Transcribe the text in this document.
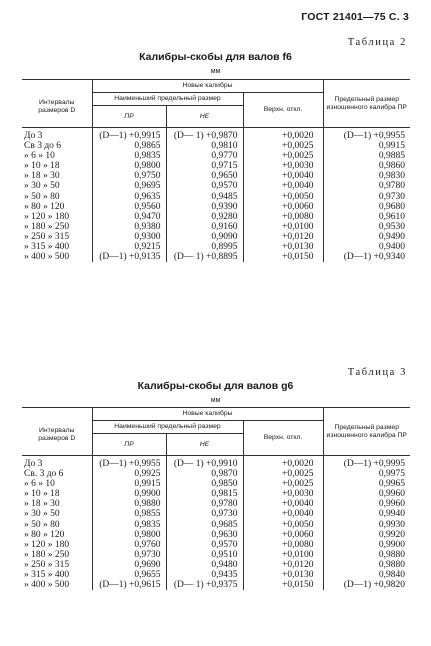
ГОСТ 21401—75 С. 3
Таблица 2
Калибры-скобы для валов f6
мм
Интервалы размеров D	Новые калибры			Предельный размер изношенного калибра ПР
	Наименьший предельный размер		Верхн. откл.	
	ПР	НЕ		
До 3	(D—1) +0,9915	(D— 1) +0,9870	+0,0020	(D—1) +0,9955
Св 3 до 6	0,9865	0,9810	+0,0025	0,9915
» 6 » 10	0,9835	0,9770	+0,0025	0,9885
» 10 » 18	0,9800	0,9715	+0,0030	0,9860
» 18 » 30	0,9750	0,9650	+0,0040	0,9830
» 30 » 50	0,9695	0,9570	+0,0040	0,9780
» 50 » 80	0,9635	0,9485	+0,0050	0,9730
» 80 » 120	0,9560	0,9390	+0,0060	0,9680
» 120 » 180	0,9470	0,9280	+0,0080	0,9610
» 180 » 250	0,9380	0,9160	+0,0100	0,9530
» 250 » 315	0,9300	0,9090	+0,0120	0,9490
» 315 » 400	0,9215	0,8995	+0,0130	0,9400
» 400 » 500	(D—1) +0,9135	(D— 1) +0,8895	+0,0150	(D—1) +0,9340
Таблица 3
Калибры-скобы для валов g6
мм
Интервалы размеров D	Новые калибры			Предельный размер изношенного калибра ПР
	Наименьший предельный размер		Верхн. откл.	
	ПР	НЕ		
До 3	(D—1) +0,9955	(D— 1) +0,9910	+0,0020	(D—1) +0,9995
Св. 3 до 6	0,9925	0,9870	+0,0025	0,9975
» 6 » 10	0,9915	0,9850	+0,0025	0,9965
» 10 » 18	0,9900	0,9815	+0,0030	0,9960
» 18 » 30	0,9880	0,9780	+0,0040	0,9960
» 30 » 50	0,9855	0,9730	+0,0040	0,9940
» 50 » 80	0,9835	0,9685	+0,0050	0,9930
» 80 » 120	0,9800	0,9630	+0,0060	0,9920
» 120 » 180	0,9760	0,9570	+0,0080	0,9900
» 180 » 250	0,9730	0,9510	+0,0100	0,9880
» 250 » 315	0,9690	0,9480	+0,0120	0,9880
» 315 » 400	0,9655	0,9435	+0,0130	0,9840
» 400 » 500	(D—1) +0,9615	(D— 1) +0,9375	+0,0150	(D—1) +0,9820
